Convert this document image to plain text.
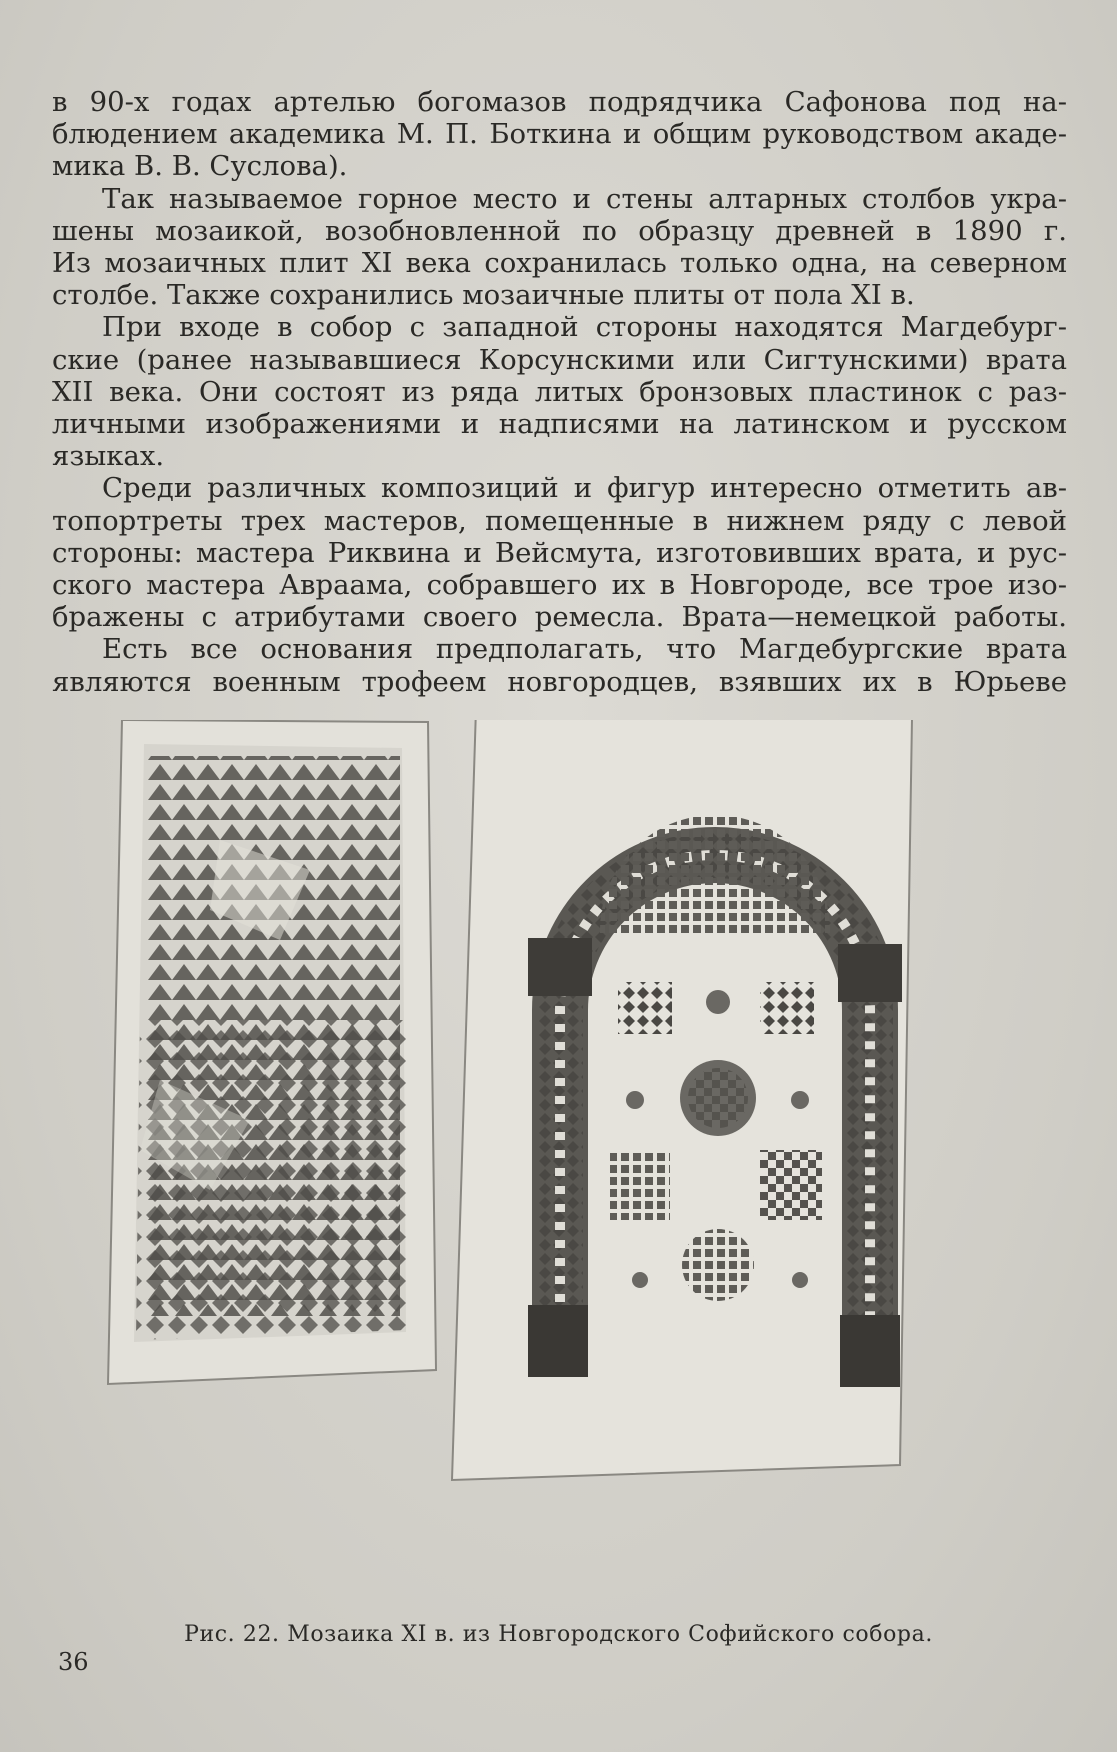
в 90-х годах артелью богомазов подрядчика Сафонова под на-
блюдением академика М. П. Боткина и общим руководством акаде-
мика В. В. Суслова).

Так называемое горное место и стены алтарных столбов укра-
шены мозаикой, возобновленной по образцу древней в 1890 г.
Из мозаичных плит XI века сохранилась только одна, на северном
столбе. Также сохранились мозаичные плиты от пола XI в.

При входе в собор с западной стороны находятся Магдебург-
ские (ранее называвшиеся Корсунскими или Сигтунскими) врата
XII века. Они состоят из ряда литых бронзовых пластинок с раз-
личными изображениями и надписями на латинском и русском
языках.

Среди различных композиций и фигур интересно отметить ав-
топортреты трех мастеров, помещенные в нижнем ряду с левой
стороны: мастера Риквина и Вейсмута, изготовивших врата, и рус-
ского мастера Авраама, собравшего их в Новгороде, все трое изо-
бражены с атрибутами своего ремесла. Врата—немецкой работы.

Есть все основания предполагать, что Магдебургские врата
являются военным трофеем новгородцев, взявших их в Юрьеве

Рис. 22. Мозаика XI в. из Новгородского Софийского собора.
36
